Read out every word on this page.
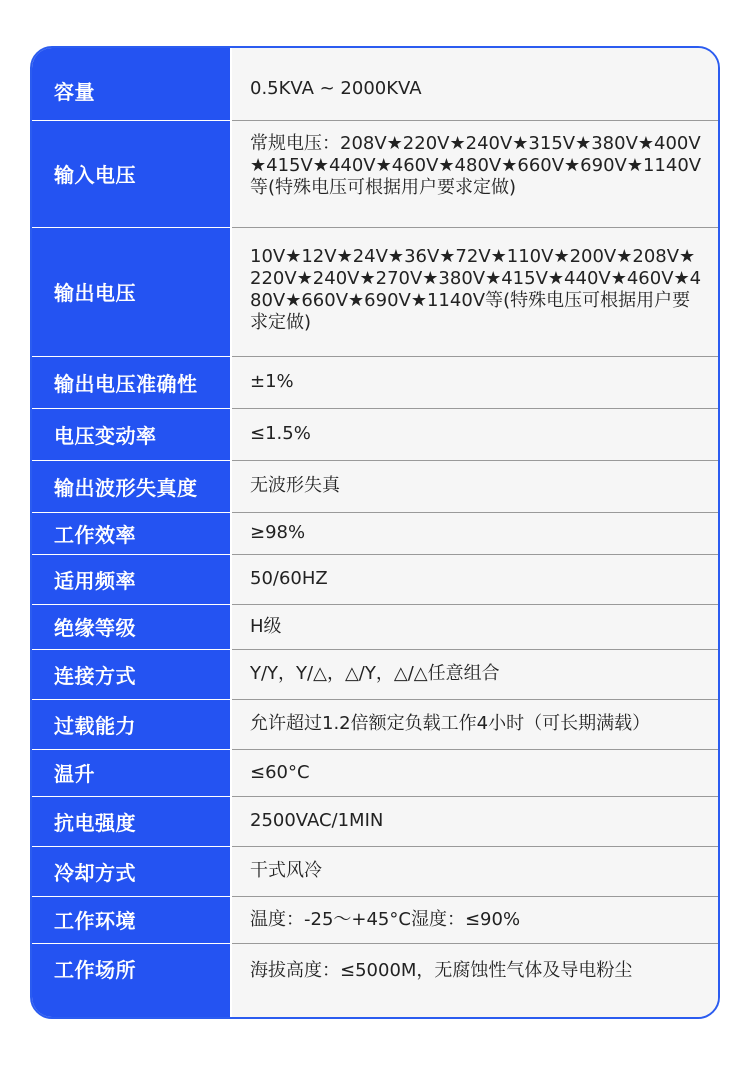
容量	0.5KVA ~ 2000KVA
输入电压	常规电压：208V★220V★240V★315V★380V★400V★415V★440V★460V★480V★660V★690V★1140V等(特殊电压可根据用户要求定做)
输出电压	10V★12V★24V★36V★72V★110V★200V★208V★220V★240V★270V★380V★415V★440V★460V★480V★660V★690V★1140V等(特殊电压可根据用户要求定做)
输出电压准确性	±1%
电压变动率	≤1.5%
输出波形失真度	无波形失真
工作效率	≥98%
适用频率	50/60HZ
绝缘等级	H级
连接方式	Y/Y，Y/△，△/Y，△/△任意组合
过载能力	允许超过1.2倍额定负载工作4小时（可长期满载）
温升	≤60°C
抗电强度	2500VAC/1MIN
冷却方式	干式风冷
工作环境	温度：-25～+45°C湿度：≤90%
工作场所	海拔高度：≤5000M，无腐蚀性气体及导电粉尘
